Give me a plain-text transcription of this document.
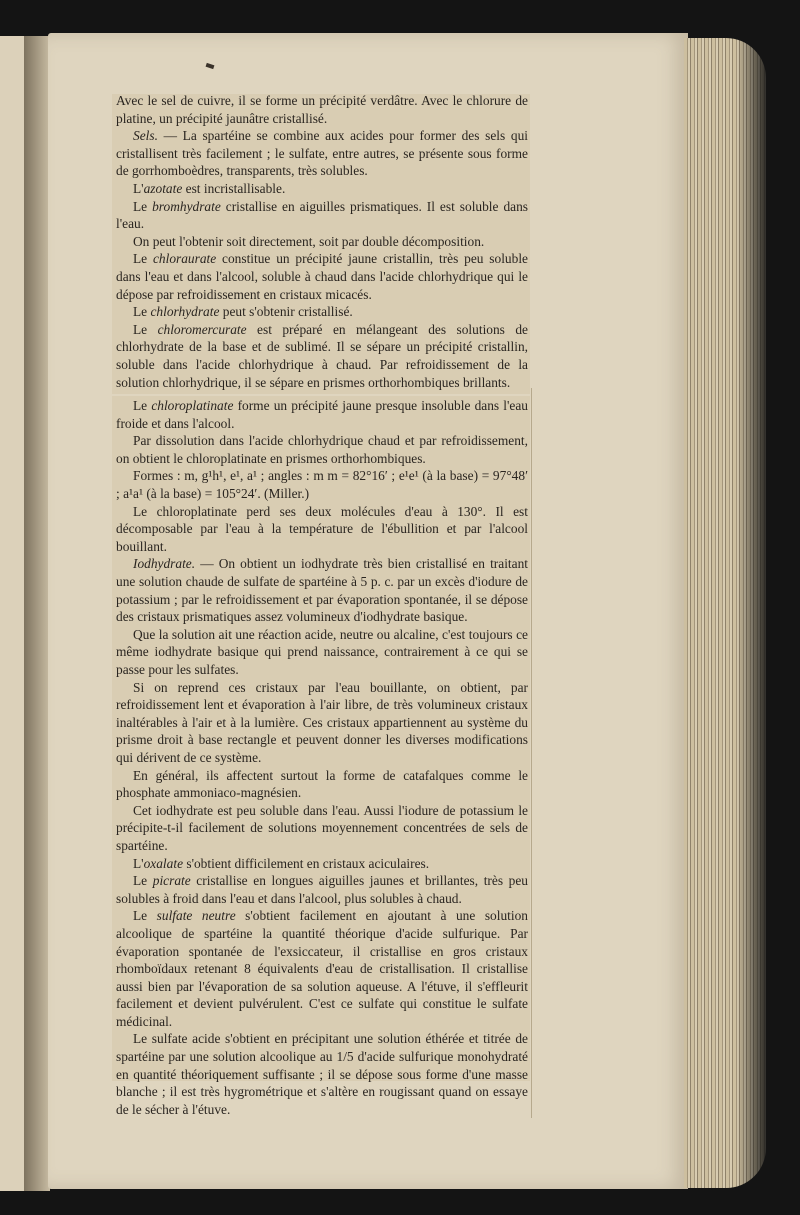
Avec le sel de cuivre, il se forme un précipité verdâtre. Avec le chlorure de platine, un précipité jaunâtre cristallisé.

Sels. — La spartéine se combine aux acides pour former des sels qui cristallisent très facilement ; le sulfate, entre autres, se présente sous forme de gorrhomboèdres, transparents, très solubles.

L'azotate est incristallisable.

Le bromhydrate cristallise en aiguilles prismatiques. Il est soluble dans l'eau.

On peut l'obtenir soit directement, soit par double décomposition.

Le chloraurate constitue un précipité jaune cristallin, très peu soluble dans l'eau et dans l'alcool, soluble à chaud dans l'acide chlorhydrique qui le dépose par refroidissement en cristaux micacés.

Le chlorhydrate peut s'obtenir cristallisé.

Le chloromercurate est préparé en mélangeant des solutions de chlorhydrate de la base et de sublimé. Il se sépare un précipité cristallin, soluble dans l'acide chlorhydrique à chaud. Par refroidissement de la solution chlorhydrique, il se sépare en prismes orthorhombiques brillants.

Le chloroplatinate forme un précipité jaune presque insoluble dans l'eau froide et dans l'alcool.

Par dissolution dans l'acide chlorhydrique chaud et par refroidissement, on obtient le chloroplatinate en prismes orthorhombiques.

Formes : m, g¹h¹, e¹, a¹ ; angles : m m = 82°16′ ; e¹e¹ (à la base) = 97°48′ ; a¹a¹ (à la base) = 105°24′. (Miller.)

Le chloroplatinate perd ses deux molécules d'eau à 130°. Il est décomposable par l'eau à la température de l'ébullition et par l'alcool bouillant.

Iodhydrate. — On obtient un iodhydrate très bien cristallisé en traitant une solution chaude de sulfate de spartéine à 5 p. c. par un excès d'iodure de potassium ; par le refroidissement et par évaporation spontanée, il se dépose des cristaux prismatiques assez volumineux d'iodhydrate basique.

Que la solution ait une réaction acide, neutre ou alcaline, c'est toujours ce même iodhydrate basique qui prend naissance, contrairement à ce qui se passe pour les sulfates.

Si on reprend ces cristaux par l'eau bouillante, on obtient, par refroidissement lent et évaporation à l'air libre, de très volumineux cristaux inaltérables à l'air et à la lumière. Ces cristaux appartiennent au système du prisme droit à base rectangle et peuvent donner les diverses modifications qui dérivent de ce système.

En général, ils affectent surtout la forme de catafalques comme le phosphate ammoniaco-magnésien.

Cet iodhydrate est peu soluble dans l'eau. Aussi l'iodure de potassium le précipite-t-il facilement de solutions moyennement concentrées de sels de spartéine.

L'oxalate s'obtient difficilement en cristaux aciculaires.

Le picrate cristallise en longues aiguilles jaunes et brillantes, très peu solubles à froid dans l'eau et dans l'alcool, plus solubles à chaud.

Le sulfate neutre s'obtient facilement en ajoutant à une solution alcoolique de spartéine la quantité théorique d'acide sulfurique. Par évaporation spontanée de l'exsiccateur, il cristallise en gros cristaux rhomboïdaux retenant 8 équivalents d'eau de cristallisation. Il cristallise aussi bien par l'évaporation de sa solution aqueuse. A l'étuve, il s'effleurit facilement et devient pulvérulent. C'est ce sulfate qui constitue le sulfate médicinal.

Le sulfate acide s'obtient en précipitant une solution éthérée et titrée de spartéine par une solution alcoolique au 1/5 d'acide sulfurique monohydraté en quantité théoriquement suffisante ; il se dépose sous forme d'une masse blanche ; il est très hygrométrique et s'altère en rougissant quand on essaye de le sécher à l'étuve.
